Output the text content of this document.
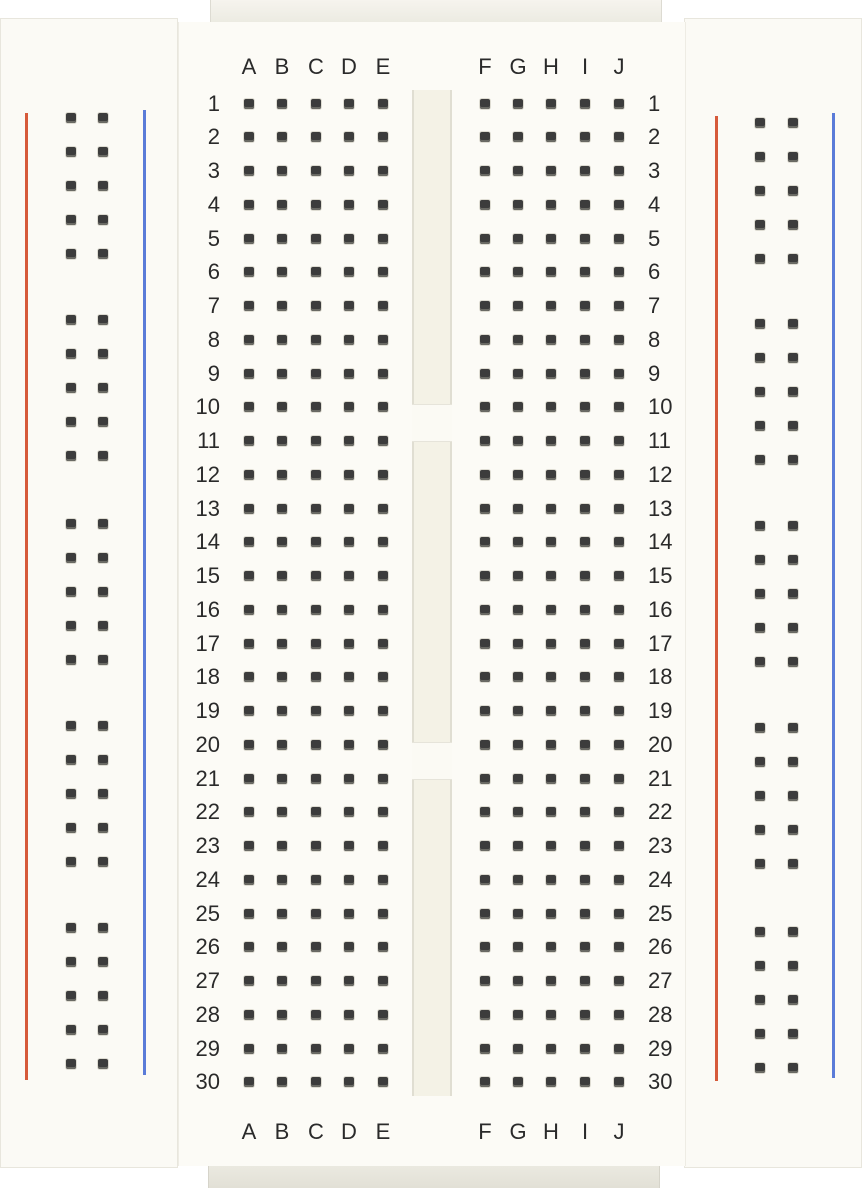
A B C D E	F G H	I	J
A B C D E	F G H	I	J
1	1
2	2
3	3
4	4
5	5
6	6
7	7
8	8
9	9
10	10
11	11
12	12
13	13
14	14
15	15
16	16
17	17
18	18
19	19
20	20
21	21
22	22
23	23
24	24
25	25
26	26
27	27
28	28
29	29
30	30
